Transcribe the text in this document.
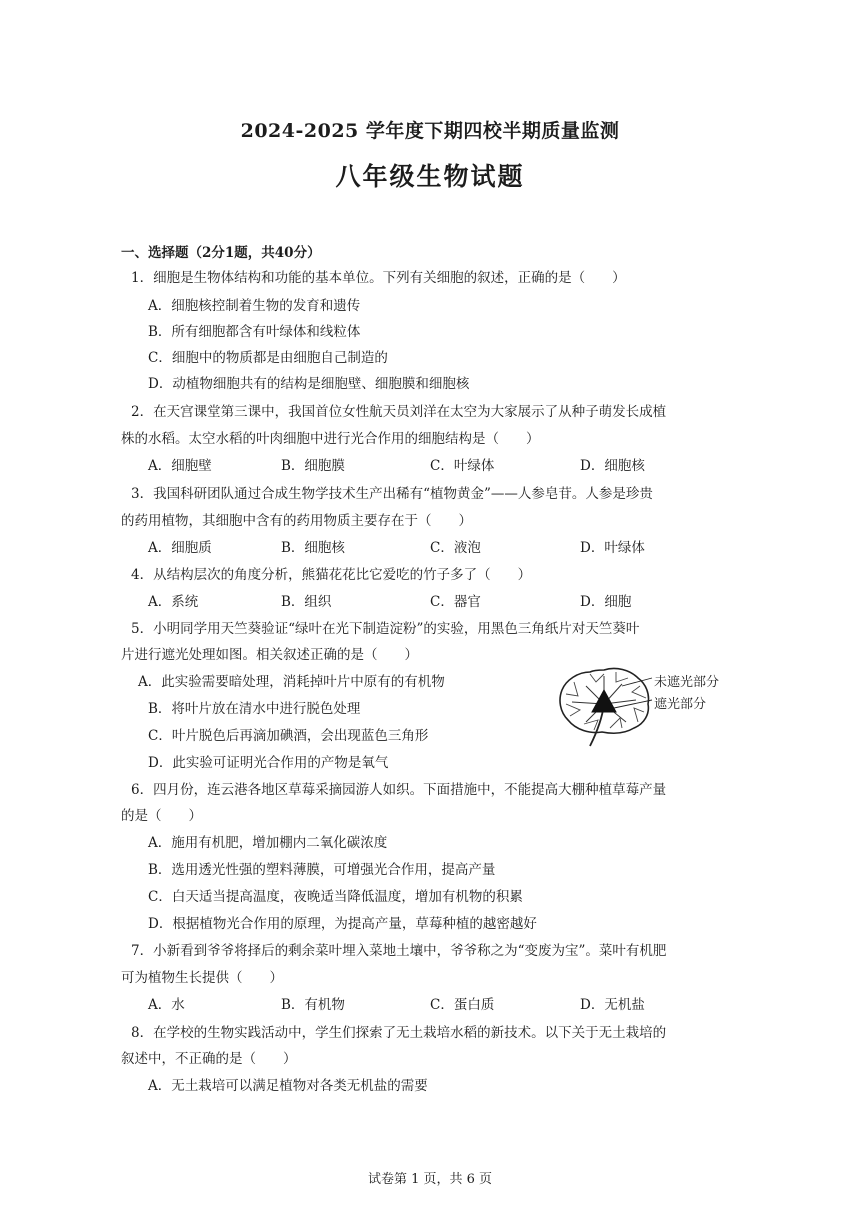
2024-2025 学年度下期四校半期质量监测
八年级生物试题
一、选择题（2分1题，共40分）
1．细胞是生物体结构和功能的基本单位。下列有关细胞的叙述，正确的是（　　）
A．细胞核控制着生物的发育和遗传
B．所有细胞都含有叶绿体和线粒体
C．细胞中的物质都是由细胞自己制造的
D．动植物细胞共有的结构是细胞壁、细胞膜和细胞核
2．在天宫课堂第三课中，我国首位女性航天员刘洋在太空为大家展示了从种子萌发长成植
株的水稻。太空水稻的叶肉细胞中进行光合作用的细胞结构是（　　）
A．细胞壁	B．细胞膜	C．叶绿体	D．细胞核
3．我国科研团队通过合成生物学技术生产出稀有“植物黄金”——人参皂苷。人参是珍贵
的药用植物，其细胞中含有的药用物质主要存在于（　　）
A．细胞质	B．细胞核	C．液泡	D．叶绿体
4．从结构层次的角度分析，熊猫花花比它爱吃的竹子多了（　　）
A．系统	B．组织	C．器官	D．细胞
5．小明同学用天竺葵验证“绿叶在光下制造淀粉”的实验，用黑色三角纸片对天竺葵叶
片进行遮光处理如图。相关叙述正确的是（　　）
A．此实验需要暗处理，消耗掉叶片中原有的有机物
B．将叶片放在清水中进行脱色处理
C．叶片脱色后再滴加碘酒，会出现蓝色三角形
D．此实验可证明光合作用的产物是氧气
未遮光部分
遮光部分
6．四月份，连云港各地区草莓采摘园游人如织。下面措施中，不能提高大棚种植草莓产量
的是（　　）
A．施用有机肥，增加棚内二氧化碳浓度
B．选用透光性强的塑料薄膜，可增强光合作用，提高产量
C．白天适当提高温度，夜晚适当降低温度，增加有机物的积累
D．根据植物光合作用的原理，为提高产量，草莓种植的越密越好
7．小新看到爷爷将择后的剩余菜叶埋入菜地土壤中，爷爷称之为“变废为宝”。菜叶有机肥
可为植物生长提供（　　）
A．水	B．有机物	C．蛋白质	D．无机盐
8．在学校的生物实践活动中，学生们探索了无土栽培水稻的新技术。以下关于无土栽培的
叙述中，不正确的是（　　）
A．无土栽培可以满足植物对各类无机盐的需要
试卷第 1 页，共 6 页
